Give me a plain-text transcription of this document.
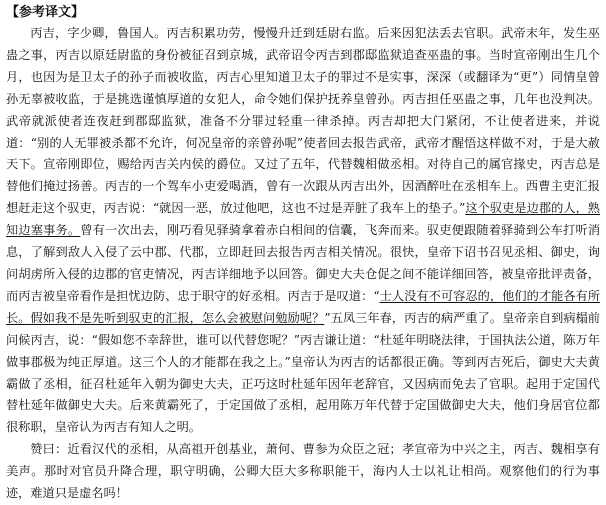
【参考译文】

丙吉，字少卿，鲁国人。丙吉积累功劳，慢慢升迁到廷尉右监。后来因犯法丢去官职。武帝末年，发生巫蛊之事，丙吉以原廷尉监的身份被征召到京城，武帝诏令丙吉到郡邸监狱追查巫蛊的事。当时宣帝刚出生几个月，也因为是卫太子的孙子而被收监，丙吉心里知道卫太子的罪过不是实事，深深（或翻译为“更”）同情皇曾孙无辜被收监，于是挑选谨慎厚道的女犯人，命令她们保护抚养皇曾孙。丙吉担任巫蛊之事，几年也没判决。武帝就派使者连夜赶到郡邸监狱，准备不分罪过轻重一律杀掉。丙吉却把大门紧闭，不让使者进来，并说道：“别的人无罪被杀都不允许，何况皇帝的亲曾孙呢”使者回去报告武帝，武帝才醒悟这样做不对，于是大赦天下。宣帝刚即位，赐给丙吉关内侯的爵位。又过了五年，代替魏相做丞相。对待自己的属官掾史，丙吉总是替他们掩过扬善。丙吉的一个驾车小吏爱喝酒，曾有一次跟从丙吉出外，因酒醉吐在丞相车上。西曹主吏汇报想赶走这个驭吏，丙吉说：“就因一恶，放过他吧，这也不过是弄脏了我车上的垫子。”这个驭吏是边郡的人，熟知边塞事务。曾有一次出去，刚巧看见驿骑拿着赤白相间的信囊，飞奔而来。驭吏便跟随着驿骑到公车打听消息，了解到敌人入侵了云中郡、代郡，立即赶回去报告丙吉相关情况。很快，皇帝下诏书召见丞相、御史，询问胡虏所入侵的边郡的官吏情况，丙吉详细地予以回答。御史大夫仓促之间不能详细回答，被皇帝批评责备，而丙吉被皇帝看作是担忧边防、忠于职守的好丞相。丙吉于是叹道：“士人没有不可容忍的，他们的才能各有所长。假如我不是先听到驭吏的汇报，怎么会被慰问勉励呢？”五凤三年春，丙吉的病严重了。皇帝亲自到病榻前问候丙吉，说：“假如您不幸辞世，谁可以代替您呢？”丙吉谦让道：“杜延年明晓法律，于国执法公道，陈万年做事郡极为纯正厚道。这三个人的才能都在我之上。”皇帝认为丙吉的话都很正确。等到丙吉死后，御史大夫黄霸做了丞相，征召杜延年入朝为御史大夫，正巧这时杜延年因年老辞官，又因病而免去了官职。起用于定国代替杜延年做御史大夫。后来黄霸死了，于定国做了丞相，起用陈万年代替于定国做御史大夫，他们身居官位都很称职，皇帝认为丙吉有知人之明。

赞曰：近看汉代的丞相，从高祖开创基业，萧何、曹参为众臣之冠；孝宣帝为中兴之主，丙吉、魏相享有美声。那时对官员升降合理，职守明确，公卿大臣大多称职能干，海内人士以礼让相尚。观察他们的行为事迹，难道只是虚名吗！
